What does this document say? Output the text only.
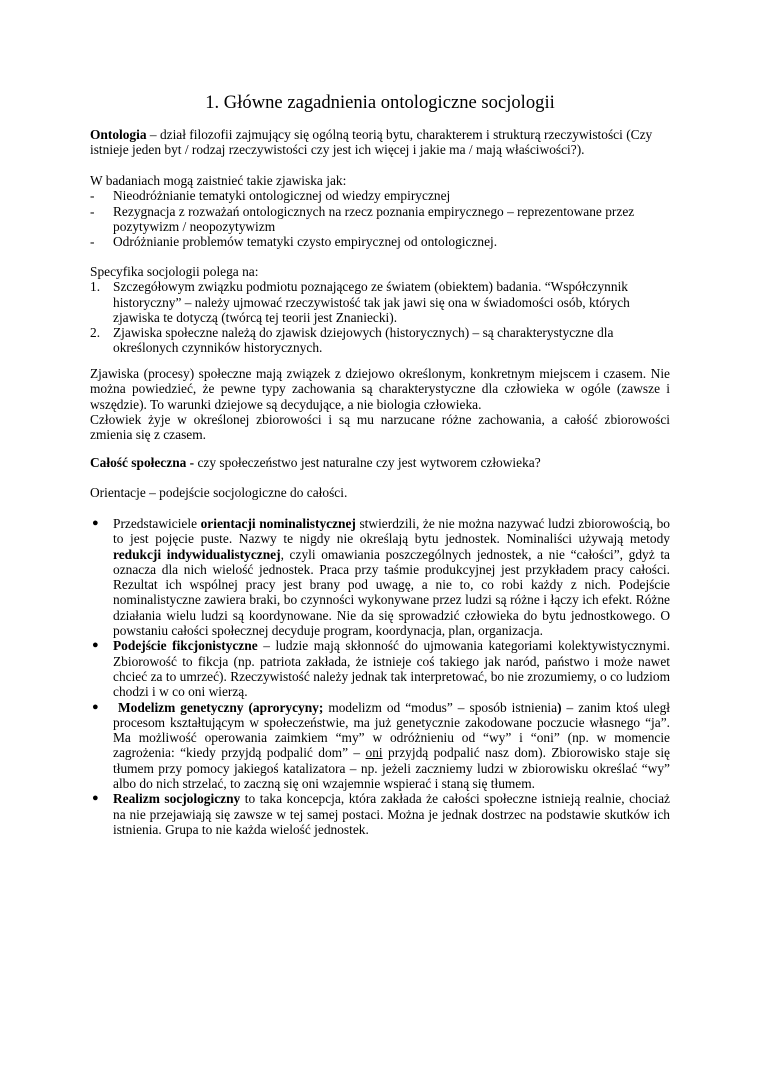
1. Główne zagadnienia ontologiczne socjologii

Ontologia – dział filozofii zajmujący się ogólną teorią bytu, charakterem i strukturą rzeczywistości (Czy istnieje jeden byt / rodzaj rzeczywistości czy jest ich więcej i jakie ma / mają właściwości?).

W badaniach mogą zaistnieć takie zjawiska jak:

- Nieodróżnianie tematyki ontologicznej od wiedzy empirycznej
- Rezygnacja z rozważań ontologicznych na rzecz poznania empirycznego – reprezentowane przez pozytywizm / neopozytywizm
- Odróżnianie problemów tematyki czysto empirycznej od ontologicznej.

Specyfika socjologii polega na:

1. Szczegółowym związku podmiotu poznającego ze światem (obiektem) badania. “Współczynnik historyczny” – należy ujmować rzeczywistość tak jak jawi się ona w świadomości osób, których zjawiska te dotyczą (twórcą tej teorii jest Znaniecki).
2. Zjawiska społeczne należą do zjawisk dziejowych (historycznych) – są charakterystyczne dla określonych czynników historycznych.

Zjawiska (procesy) społeczne mają związek z dziejowo określonym, konkretnym miejscem i czasem. Nie można powiedzieć, że pewne typy zachowania są charakterystyczne dla człowieka w ogóle (zawsze i wszędzie). To warunki dziejowe są decydujące, a nie biologia człowieka.

Człowiek żyje w określonej zbiorowości i są mu narzucane różne zachowania, a całość zbiorowości zmienia się z czasem.

Całość społeczna - czy społeczeństwo jest naturalne czy jest wytworem człowieka?

Orientacje – podejście socjologiczne do całości.

● Przedstawiciele orientacji nominalistycznej stwierdzili, że nie można nazywać ludzi zbiorowością, bo to jest pojęcie puste. Nazwy te nigdy nie określają bytu jednostek. Nominaliści używają metody redukcji indywidualistycznej, czyli omawiania poszczególnych jednostek, a nie “całości”, gdyż ta oznacza dla nich wielość jednostek. Praca przy taśmie produkcyjnej jest przykładem pracy całości. Rezultat ich wspólnej pracy jest brany pod uwagę, a nie to, co robi każdy z nich. Podejście nominalistyczne zawiera braki, bo czynności wykonywane przez ludzi są różne i łączy ich efekt. Różne działania wielu ludzi są koordynowane. Nie da się sprowadzić człowieka do bytu jednostkowego. O powstaniu całości społecznej decyduje program, koordynacja, plan, organizacja.

● Podejście fikcjonistyczne – ludzie mają skłonność do ujmowania kategoriami kolektywistycznymi. Zbiorowość to fikcja (np. patriota zakłada, że istnieje coś takiego jak naród, państwo i może nawet chcieć za to umrzeć). Rzeczywistość należy jednak tak interpretować, bo nie zrozumiemy, o co ludziom chodzi i w co oni wierzą.

●	Modelizm genetyczny (aprorycyny; modelizm od “modus” – sposób istnienia) – zanim ktoś uległ procesom kształtującym w społeczeństwie, ma już genetycznie zakodowane poczucie własnego “ja”. Ma możliwość operowania zaimkiem “my” w odróżnieniu od “wy” i “oni” (np. w momencie zagrożenia: “kiedy przyjdą podpalić dom” – oni przyjdą podpalić nasz dom). Zbiorowisko staje się tłumem przy pomocy jakiegoś katalizatora – np. jeżeli zaczniemy ludzi w zbiorowisku określać “wy” albo do nich strzelać, to zaczną się oni wzajemnie wspierać i staną się tłumem.

● Realizm socjologiczny to taka koncepcja, która zakłada że całości społeczne istnieją realnie, chociaż na nie przejawiają się zawsze w tej samej postaci. Można je jednak dostrzec na podstawie skutków ich istnienia. Grupa to nie każda wielość jednostek.
